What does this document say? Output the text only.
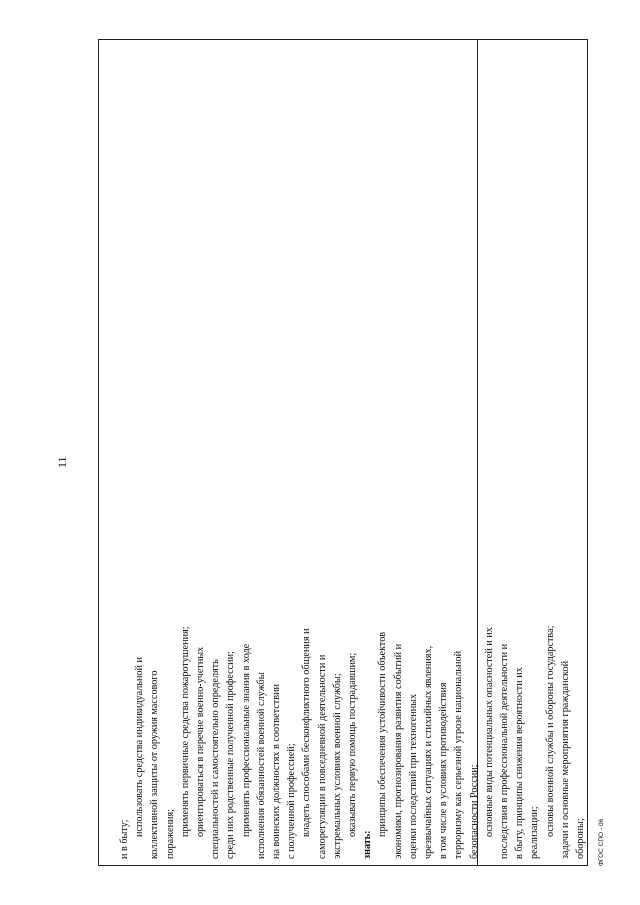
11
и в быту;
использовать средства индивидуальной и коллективной защиты от оружия массового поражения; применять первичные средства пожаротушения; ориентироваться в перечне военно-учетных специальностей и самостоятельно определять среди них родственные полученной профессии; применять профессиональные знания в ходе исполнения обязанностей военной службы на воинских должностях в соответствии с полученной профессией; владеть способами бесконфликтного общения и саморегуляции в повседневной деятельности и экстремальных условиях военной службы; оказывать первую помощь пострадавшим;
знать:
принципы обеспечения устойчивости объектов экономики, прогнозирования развития событий и оценки последствий при техногенных чрезвычайных ситуациях и стихийных явлениях, в том числе в условиях противодействия терроризму как серьезной угрозе национальной безопасности России; основные виды потенциальных опасностей и их последствия в профессиональной деятельности и в быту, принципы снижения вероятности их реализации; основы военной службы и обороны государства; задачи и основные мероприятия гражданской обороны;	ФГОС СПО - 06
